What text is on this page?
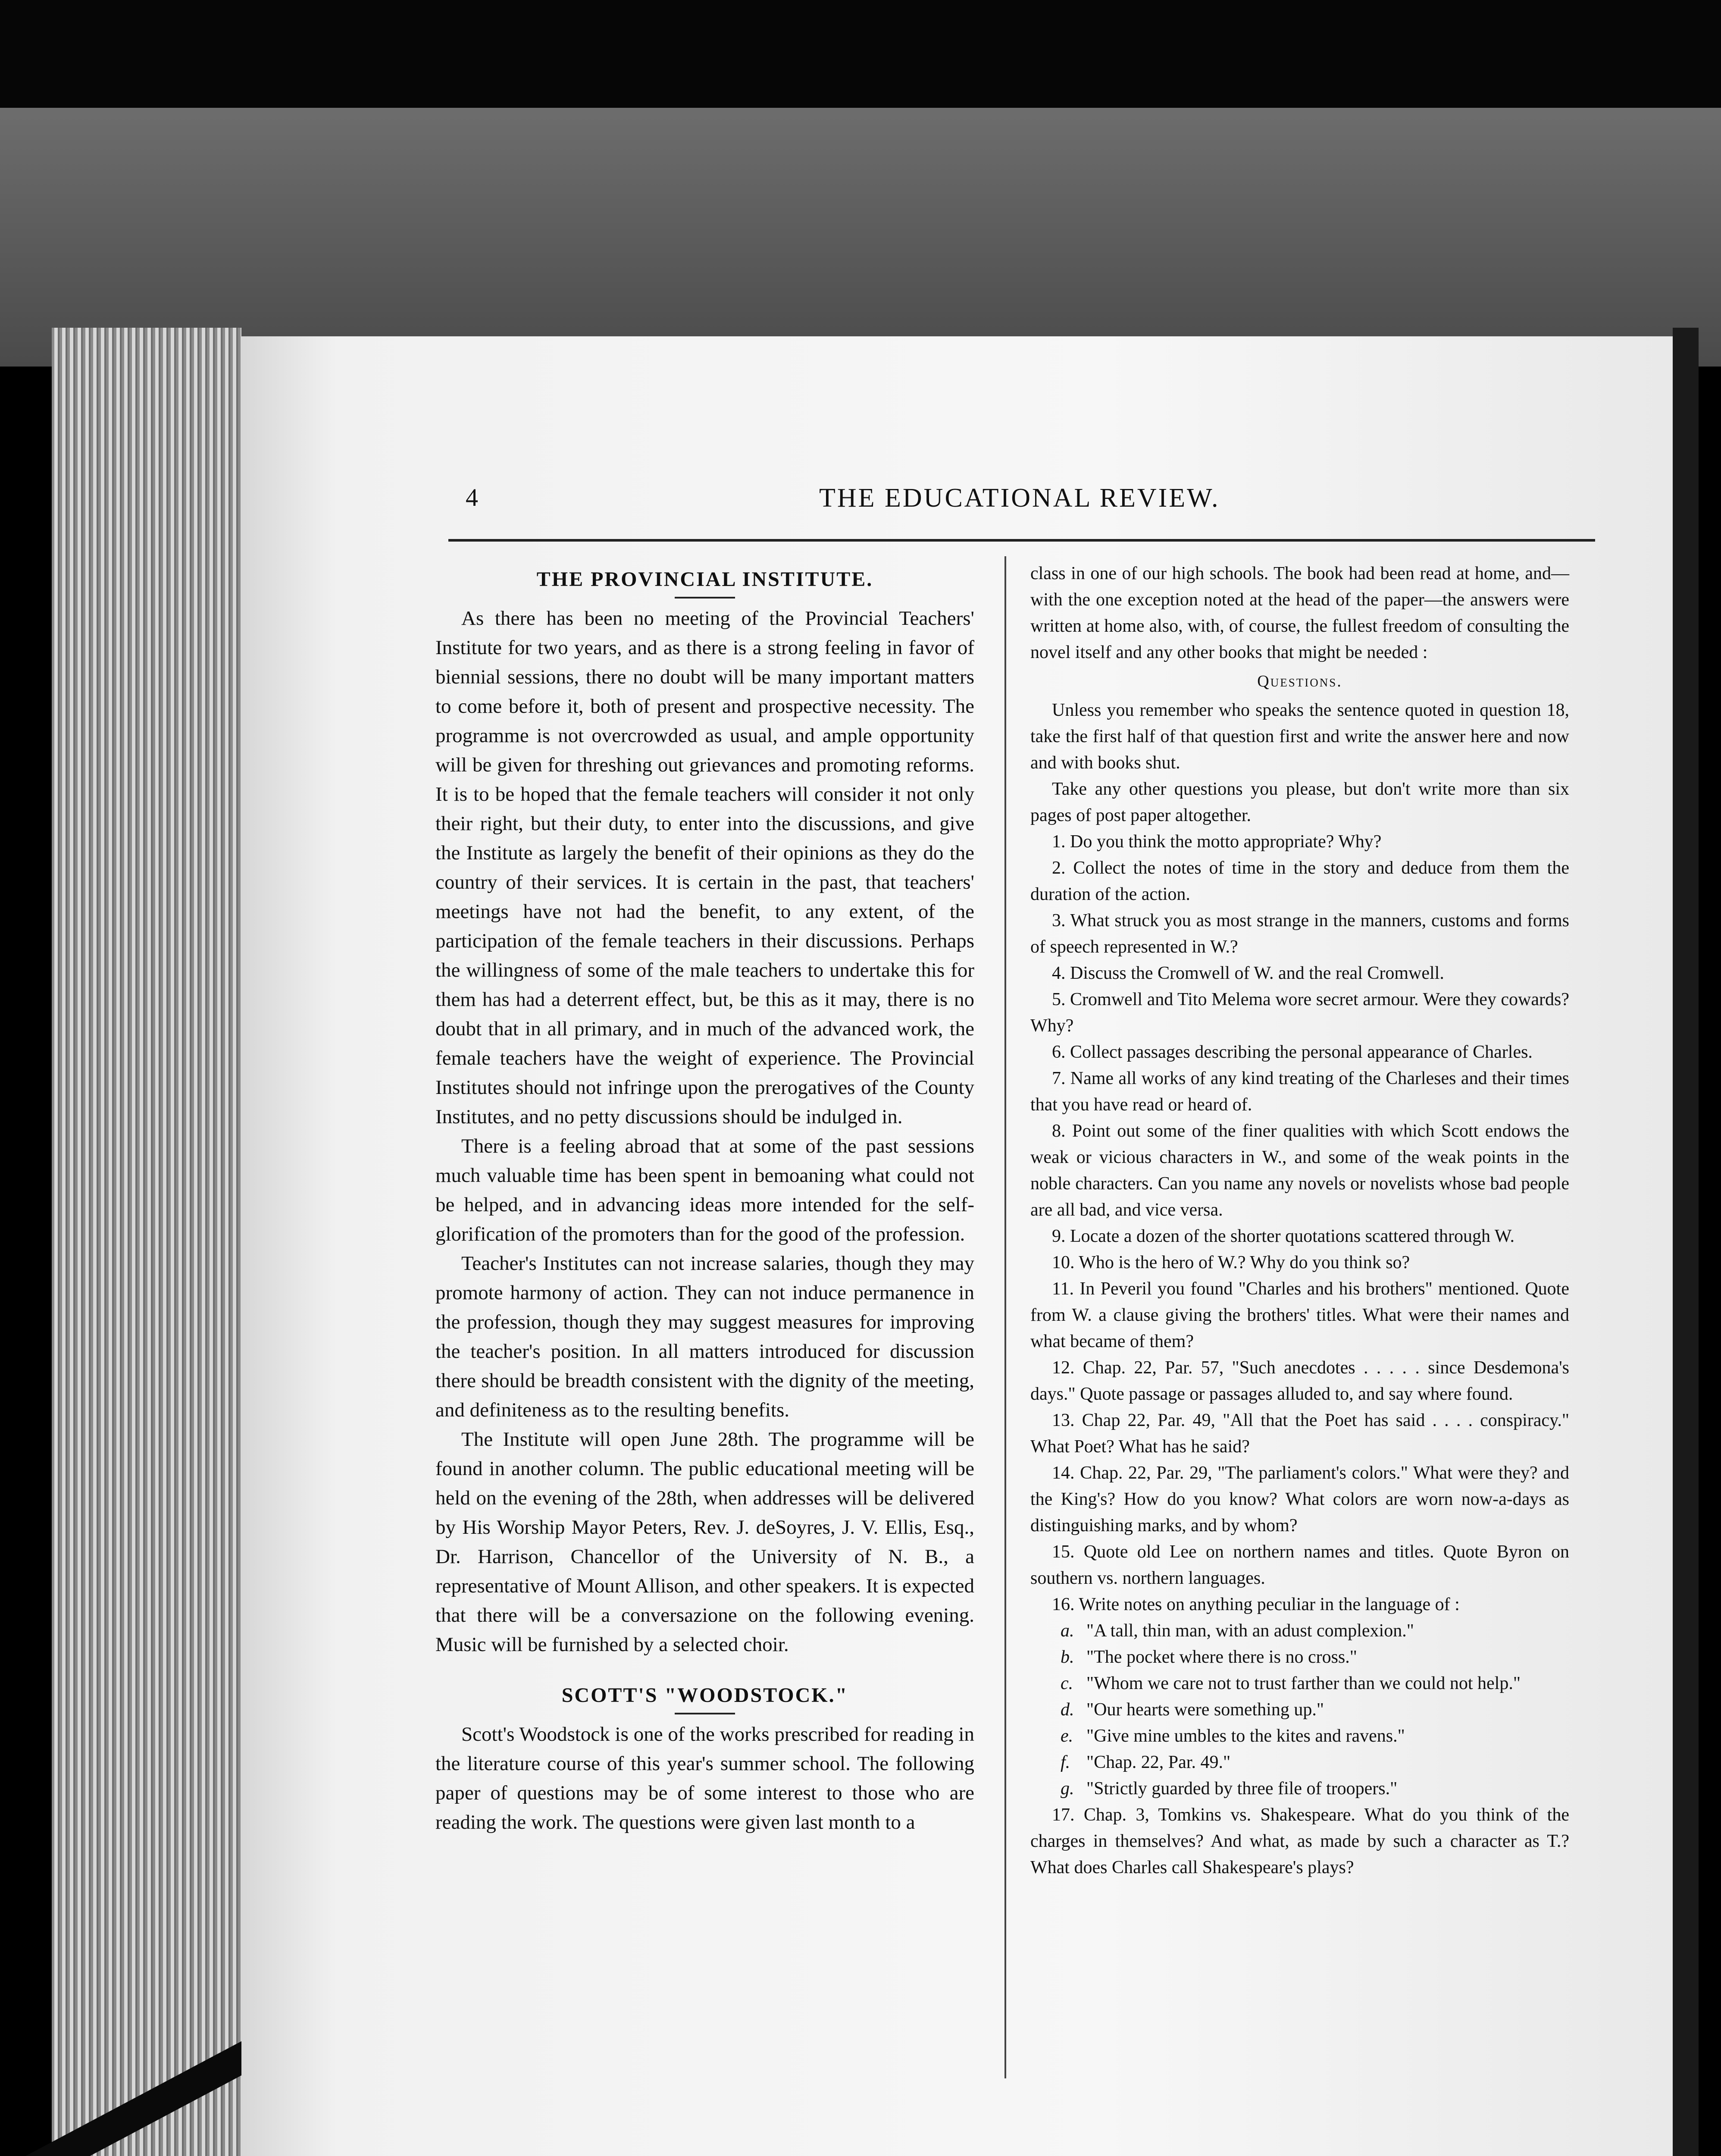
4	THE EDUCATIONAL REVIEW.
THE PROVINCIAL INSTITUTE.

As there has been no meeting of the Provincial Teachers' Institute for two years, and as there is a strong feeling in favor of biennial sessions, there no doubt will be many important matters to come before it, both of present and prospective necessity. The programme is not overcrowded as usual, and ample opportunity will be given for threshing out grievances and promoting reforms. It is to be hoped that the female teachers will consider it not only their right, but their duty, to enter into the discussions, and give the Institute as largely the benefit of their opinions as they do the country of their services. It is certain in the past, that teachers' meetings have not had the benefit, to any extent, of the participation of the female teachers in their discussions. Perhaps the willingness of some of the male teachers to undertake this for them has had a deterrent effect, but, be this as it may, there is no doubt that in all primary, and in much of the advanced work, the female teachers have the weight of experience. The Provincial Institutes should not infringe upon the prerogatives of the County Institutes, and no petty discussions should be indulged in.

There is a feeling abroad that at some of the past sessions much valuable time has been spent in bemoaning what could not be helped, and in advancing ideas more intended for the self-glorification of the promoters than for the good of the profession.

Teacher's Institutes can not increase salaries, though they may promote harmony of action. They can not induce permanence in the profession, though they may suggest measures for improving the teacher's position. In all matters introduced for discussion there should be breadth consistent with the dignity of the meeting, and definiteness as to the resulting benefits.

The Institute will open June 28th. The programme will be found in another column. The public educational meeting will be held on the evening of the 28th, when addresses will be delivered by His Worship Mayor Peters, Rev. J. deSoyres, J. V. Ellis, Esq., Dr. Harrison, Chancellor of the University of N. B., a representative of Mount Allison, and other speakers. It is expected that there will be a conversazione on the following evening. Music will be furnished by a selected choir.

SCOTT'S "WOODSTOCK."

Scott's Woodstock is one of the works prescribed for reading in the literature course of this year's summer school. The following paper of questions may be of some interest to those who are reading the work. The questions were given last month to a

class in one of our high schools. The book had been read at home, and—with the one exception noted at the head of the paper—the answers were written at home also, with, of course, the fullest freedom of consulting the novel itself and any other books that might be needed :

Questions.

Unless you remember who speaks the sentence quoted in question 18, take the first half of that question first and write the answer here and now and with books shut.

Take any other questions you please, but don't write more than six pages of post paper altogether.

1. Do you think the motto appropriate? Why?

2. Collect the notes of time in the story and deduce from them the duration of the action.

3. What struck you as most strange in the manners, customs and forms of speech represented in W.?

4. Discuss the Cromwell of W. and the real Cromwell.

5. Cromwell and Tito Melema wore secret armour. Were they cowards? Why?

6. Collect passages describing the personal appearance of Charles.

7. Name all works of any kind treating of the Charleses and their times that you have read or heard of.

8. Point out some of the finer qualities with which Scott endows the weak or vicious characters in W., and some of the weak points in the noble characters. Can you name any novels or novelists whose bad people are all bad, and vice versa.

9. Locate a dozen of the shorter quotations scattered through W.

10. Who is the hero of W.? Why do you think so?

11. In Peveril you found "Charles and his brothers" mentioned. Quote from W. a clause giving the brothers' titles. What were their names and what became of them?

12. Chap. 22, Par. 57, "Such anecdotes . . . . . since Desdemona's days." Quote passage or passages alluded to, and say where found.

13. Chap 22, Par. 49, "All that the Poet has said . . . . conspiracy." What Poet? What has he said?

14. Chap. 22, Par. 29, "The parliament's colors." What were they? and the King's? How do you know? What colors are worn now-a-days as distinguishing marks, and by whom?

15. Quote old Lee on northern names and titles. Quote Byron on southern vs. northern languages.

16. Write notes on anything peculiar in the language of :

a. "A tall, thin man, with an adust complexion."

b. "The pocket where there is no cross."

c. "Whom we care not to trust farther than we could not help."

d. "Our hearts were something up."

e. "Give mine umbles to the kites and ravens."

f. "Chap. 22, Par. 49."

g. "Strictly guarded by three file of troopers."

17. Chap. 3, Tomkins vs. Shakespeare. What do you think of the charges in themselves? And what, as made by such a character as T.? What does Charles call Shakespeare's plays?
